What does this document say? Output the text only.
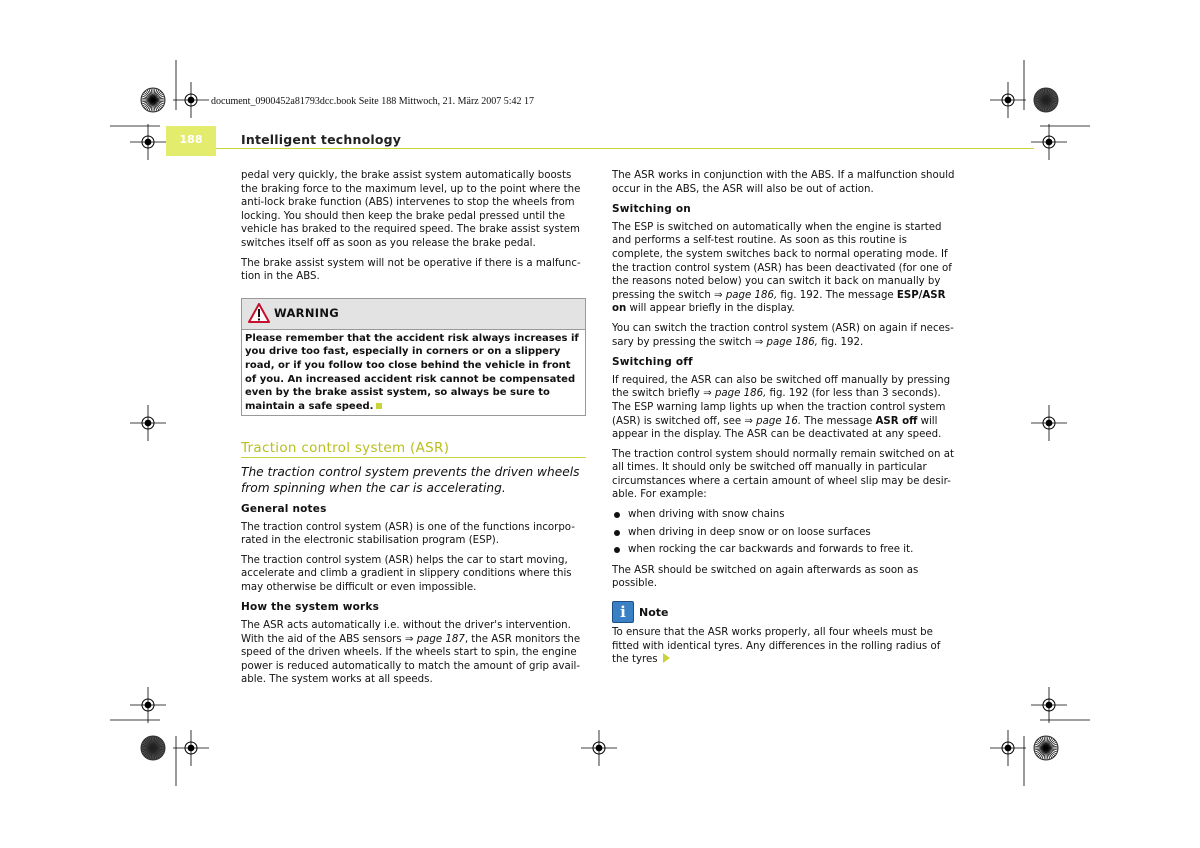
document_0900452a81793dcc.book Seite 188 Mittwoch, 21. März 2007 5:42 17
188	Intelligent technology

pedal very quickly, the brake assist system automatically boosts the braking force to the maximum level, up to the point where the anti-lock brake function (ABS) intervenes to stop the wheels from locking. You should then keep the brake pedal pressed until the vehicle has braked to the required speed. The brake assist system switches itself off as soon as you release the brake pedal.

The brake assist system will not be operative if there is a malfunc-tion in the ABS.

WARNING
Please remember that the accident risk always increases if you drive too fast, especially in corners or on a slippery road, or if you follow too close behind the vehicle in front of you. An increased accident risk cannot be compensated even by the brake assist system, so always be sure to maintain a safe speed.
Traction control system (ASR)

The traction control system prevents the driven wheels from spinning when the car is accelerating.

General notes

The traction control system (ASR) is one of the functions incorpo-rated in the electronic stabilisation program (ESP).

The traction control system (ASR) helps the car to start moving, accelerate and climb a gradient in slippery conditions where this may otherwise be difficult or even impossible.

How the system works

The ASR acts automatically i.e. without the driver's intervention. With the aid of the ABS sensors ⇒ page 187, the ASR monitors the speed of the driven wheels. If the wheels start to spin, the engine power is reduced automatically to match the amount of grip avail-able. The system works at all speeds.

The ASR works in conjunction with the ABS. If a malfunction should occur in the ABS, the ASR will also be out of action.

Switching on

The ESP is switched on automatically when the engine is started and performs a self-test routine. As soon as this routine is complete, the system switches back to normal operating mode. If the traction control system (ASR) has been deactivated (for one of the reasons noted below) you can switch it back on manually by pressing the switch ⇒ page 186, fig. 192. The message ESP/ASR on will appear briefly in the display.

You can switch the traction control system (ASR) on again if neces-sary by pressing the switch ⇒ page 186, fig. 192.

Switching off

If required, the ASR can also be switched off manually by pressing the switch briefly ⇒ page 186, fig. 192 (for less than 3 seconds). The ESP warning lamp lights up when the traction control system (ASR) is switched off, see ⇒ page 16. The message ASR off will appear in the display. The ASR can be deactivated at any speed.

The traction control system should normally remain switched on at all times. It should only be switched off manually in particular circumstances where a certain amount of wheel slip may be desir-able. For example:

when driving with snow chains
when driving in deep snow or on loose surfaces
when rocking the car backwards and forwards to free it.

The ASR should be switched on again afterwards as soon as possible.

i	Note

To ensure that the ASR works properly, all four wheels must be fitted with identical tyres. Any differences in the rolling radius of the tyres
